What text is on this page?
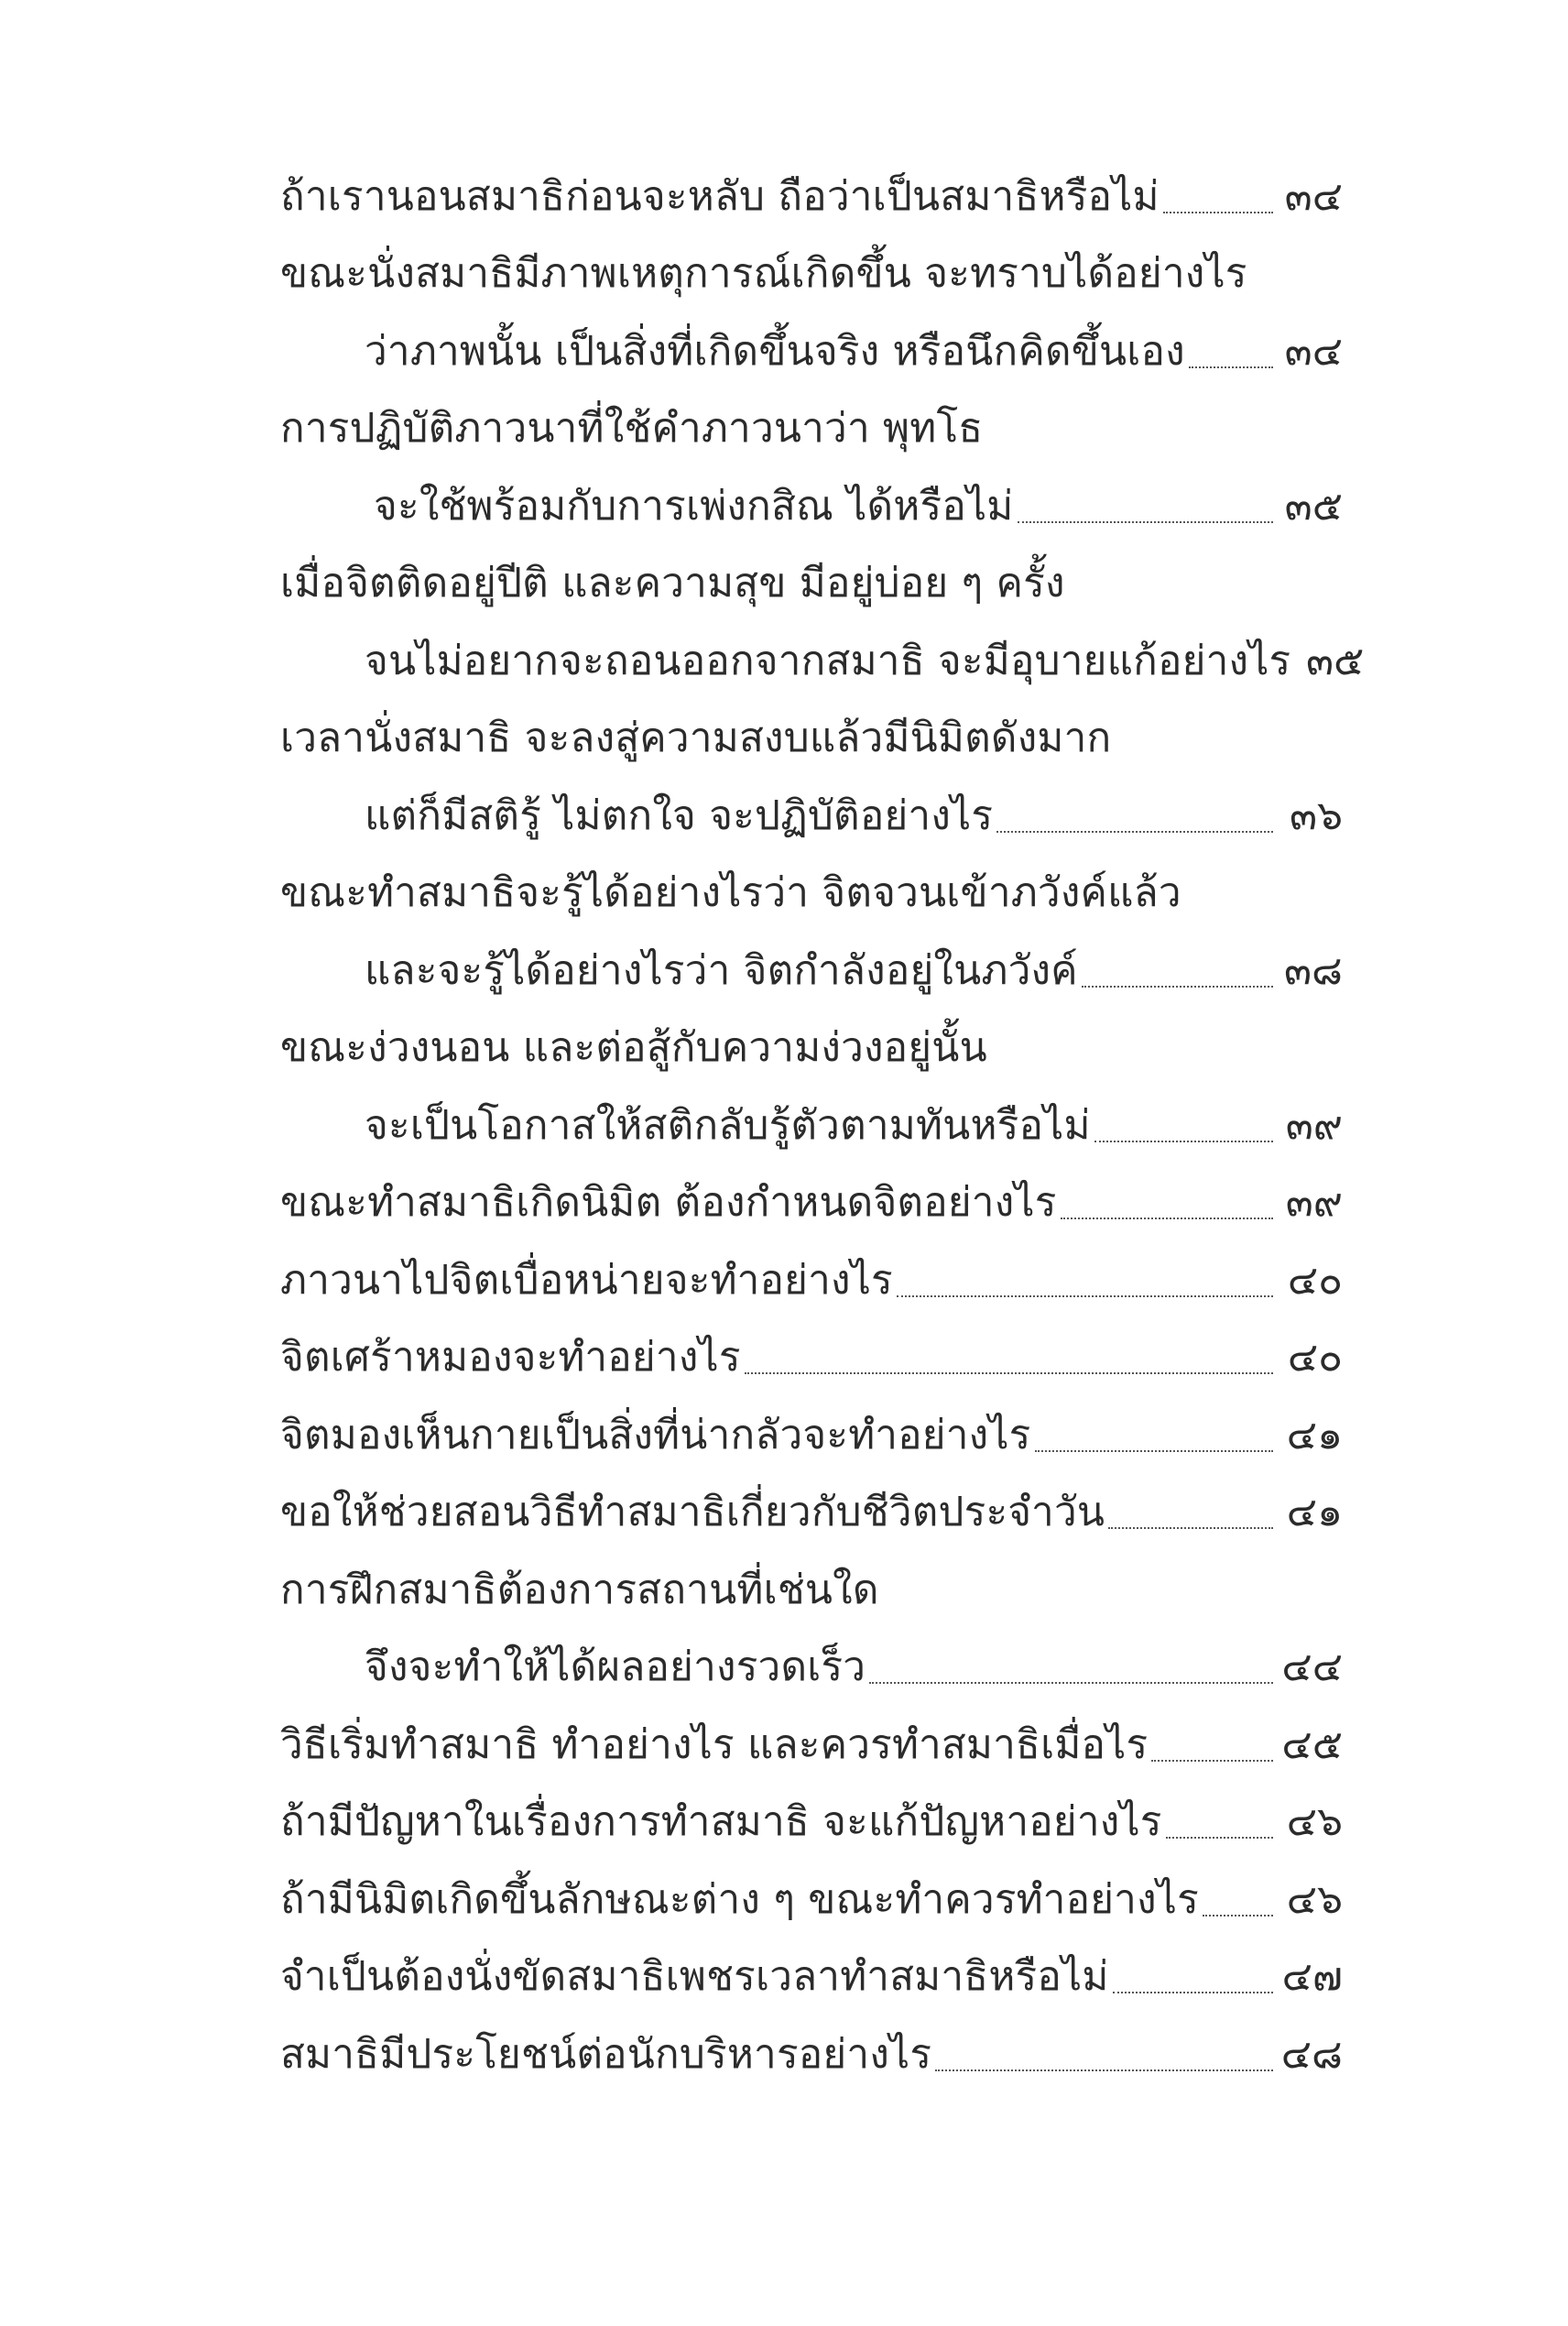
ถ้าเรานอนสมาธิก่อนจะหลับ ถือว่าเป็นสมาธิหรือไม่	๓๔
ขณะนั่งสมาธิมีภาพเหตุการณ์เกิดขึ้น จะทราบได้อย่างไร
ว่าภาพนั้น เป็นสิ่งที่เกิดขึ้นจริง หรือนึกคิดขึ้นเอง ๓๔
การปฏิบัติภาวนาที่ใช้คำภาวนาว่า พุทโธ
จะใช้พร้อมกับการเพ่งกสิณ ได้หรือไม่	๓๕
เมื่อจิตติดอยู่ปีติ และความสุข มีอยู่บ่อย ๆ ครั้ง
จนไม่อยากจะถอนออกจากสมาธิ จะมีอุบายแก้อย่างไร ๓๕
เวลานั่งสมาธิ จะลงสู่ความสงบแล้วมีนิมิตดังมาก
แต่ก็มีสติรู้ ไม่ตกใจ จะปฏิบัติอย่างไร	๓๖
ขณะทำสมาธิจะรู้ได้อย่างไรว่า จิตจวนเข้าภวังค์แล้ว
และจะรู้ได้อย่างไรว่า จิตกำลังอยู่ในภวังค์	๓๘
ขณะง่วงนอน และต่อสู้กับความง่วงอยู่นั้น
จะเป็นโอกาสให้สติกลับรู้ตัวตามทันหรือไม่	๓๙
ขณะทำสมาธิเกิดนิมิต ต้องกำหนดจิตอย่างไร	๓๙
ภาวนาไปจิตเบื่อหน่ายจะทำอย่างไร	๔๐
จิตเศร้าหมองจะทำอย่างไร	๔๐
จิตมองเห็นกายเป็นสิ่งที่น่ากลัวจะทำอย่างไร	๔๑
ขอให้ช่วยสอนวิธีทำสมาธิเกี่ยวกับชีวิตประจำวัน	๔๑
การฝึกสมาธิต้องการสถานที่เช่นใด
จึงจะทำให้ได้ผลอย่างรวดเร็ว	๔๔
วิธีเริ่มทำสมาธิ ทำอย่างไร และควรทำสมาธิเมื่อไร	๔๕
ถ้ามีปัญหาในเรื่องการทำสมาธิ จะแก้ปัญหาอย่างไร	๔๖
ถ้ามีนิมิตเกิดขึ้นลักษณะต่าง ๆ ขณะทำควรทำอย่างไร ๔๖
จำเป็นต้องนั่งขัดสมาธิเพชรเวลาทำสมาธิหรือไม่	๔๗
สมาธิมีประโยชน์ต่อนักบริหารอย่างไร	๔๘
